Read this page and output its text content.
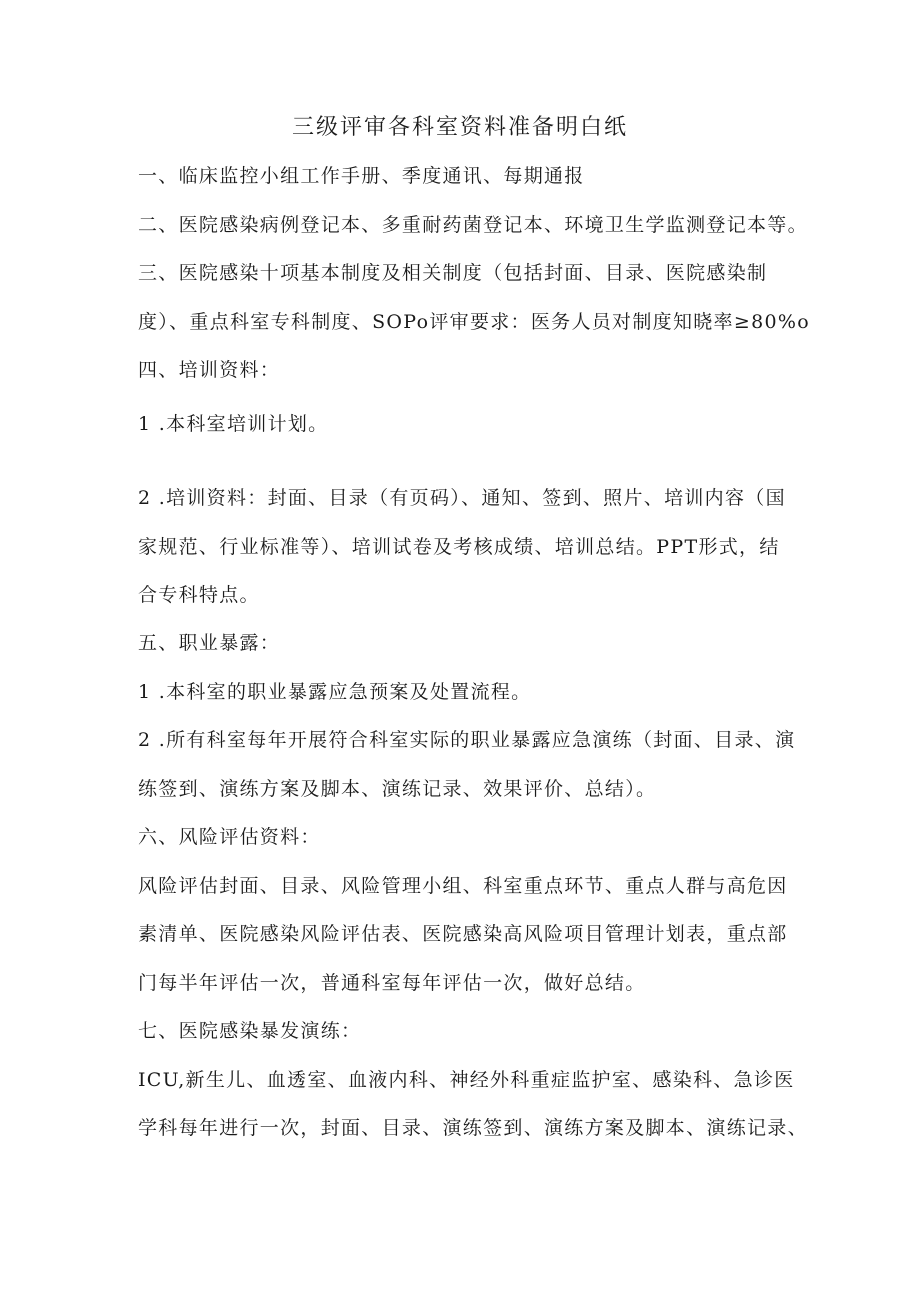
三级评审各科室资料准备明白纸
一、临床监控小组工作手册、季度通讯、每期通报
二、医院感染病例登记本、多重耐药菌登记本、环境卫生学监测登记本等。
三、医院感染十项基本制度及相关制度（包括封面、目录、医院感染制
度）、重点科室专科制度、SOPo评审要求：医务人员对制度知晓率≥80%o
四、培训资料：
1 .本科室培训计划。
2 .培训资料：封面、目录（有页码）、通知、签到、照片、培训内容（国
家规范、行业标准等）、培训试卷及考核成绩、培训总结。PPT形式，结
合专科特点。
五、职业暴露：
1 .本科室的职业暴露应急预案及处置流程。
2 .所有科室每年开展符合科室实际的职业暴露应急演练（封面、目录、演
练签到、演练方案及脚本、演练记录、效果评价、总结）。
六、风险评估资料：
风险评估封面、目录、风险管理小组、科室重点环节、重点人群与高危因
素清单、医院感染风险评估表、医院感染高风险项目管理计划表，重点部
门每半年评估一次，普通科室每年评估一次，做好总结。
七、医院感染暴发演练：
ICU,新生儿、血透室、血液内科、神经外科重症监护室、感染科、急诊医
学科每年进行一次，封面、目录、演练签到、演练方案及脚本、演练记录、
